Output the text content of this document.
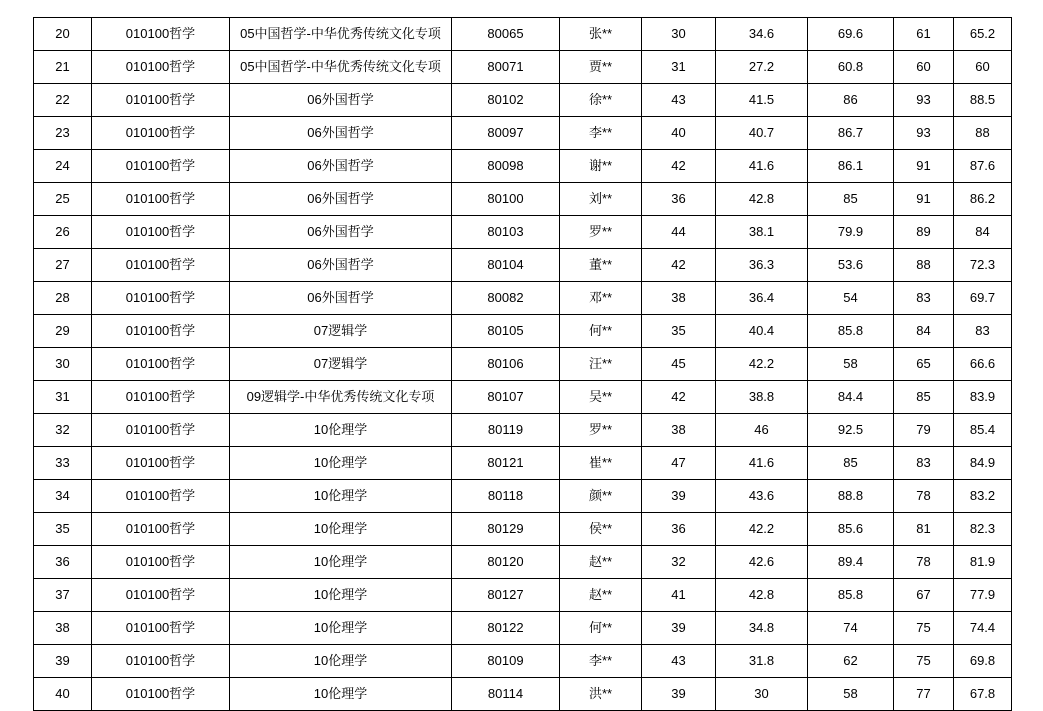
20	010100哲学	05中国哲学-中华优秀传统文化专项	80065	张**	30	34.6	69.6	61	65.2
21	010100哲学	05中国哲学-中华优秀传统文化专项	80071	贾**	31	27.2	60.8	60	60
22	010100哲学	06外国哲学	80102	徐**	43	41.5	86	93	88.5
23	010100哲学	06外国哲学	80097	李**	40	40.7	86.7	93	88
24	010100哲学	06外国哲学	80098	谢**	42	41.6	86.1	91	87.6
25	010100哲学	06外国哲学	80100	刘**	36	42.8	85	91	86.2
26	010100哲学	06外国哲学	80103	罗**	44	38.1	79.9	89	84
27	010100哲学	06外国哲学	80104	董**	42	36.3	53.6	88	72.3
28	010100哲学	06外国哲学	80082	邓**	38	36.4	54	83	69.7
29	010100哲学	07逻辑学	80105	何**	35	40.4	85.8	84	83
30	010100哲学	07逻辑学	80106	汪**	45	42.2	58	65	66.6
31	010100哲学	09逻辑学-中华优秀传统文化专项	80107	吴**	42	38.8	84.4	85	83.9
32	010100哲学	10伦理学	80119	罗**	38	46	92.5	79	85.4
33	010100哲学	10伦理学	80121	崔**	47	41.6	85	83	84.9
34	010100哲学	10伦理学	80118	颜**	39	43.6	88.8	78	83.2
35	010100哲学	10伦理学	80129	侯**	36	42.2	85.6	81	82.3
36	010100哲学	10伦理学	80120	赵**	32	42.6	89.4	78	81.9
37	010100哲学	10伦理学	80127	赵**	41	42.8	85.8	67	77.9
38	010100哲学	10伦理学	80122	何**	39	34.8	74	75	74.4
39	010100哲学	10伦理学	80109	李**	43	31.8	62	75	69.8
40	010100哲学	10伦理学	80114	洪**	39	30	58	77	67.8
